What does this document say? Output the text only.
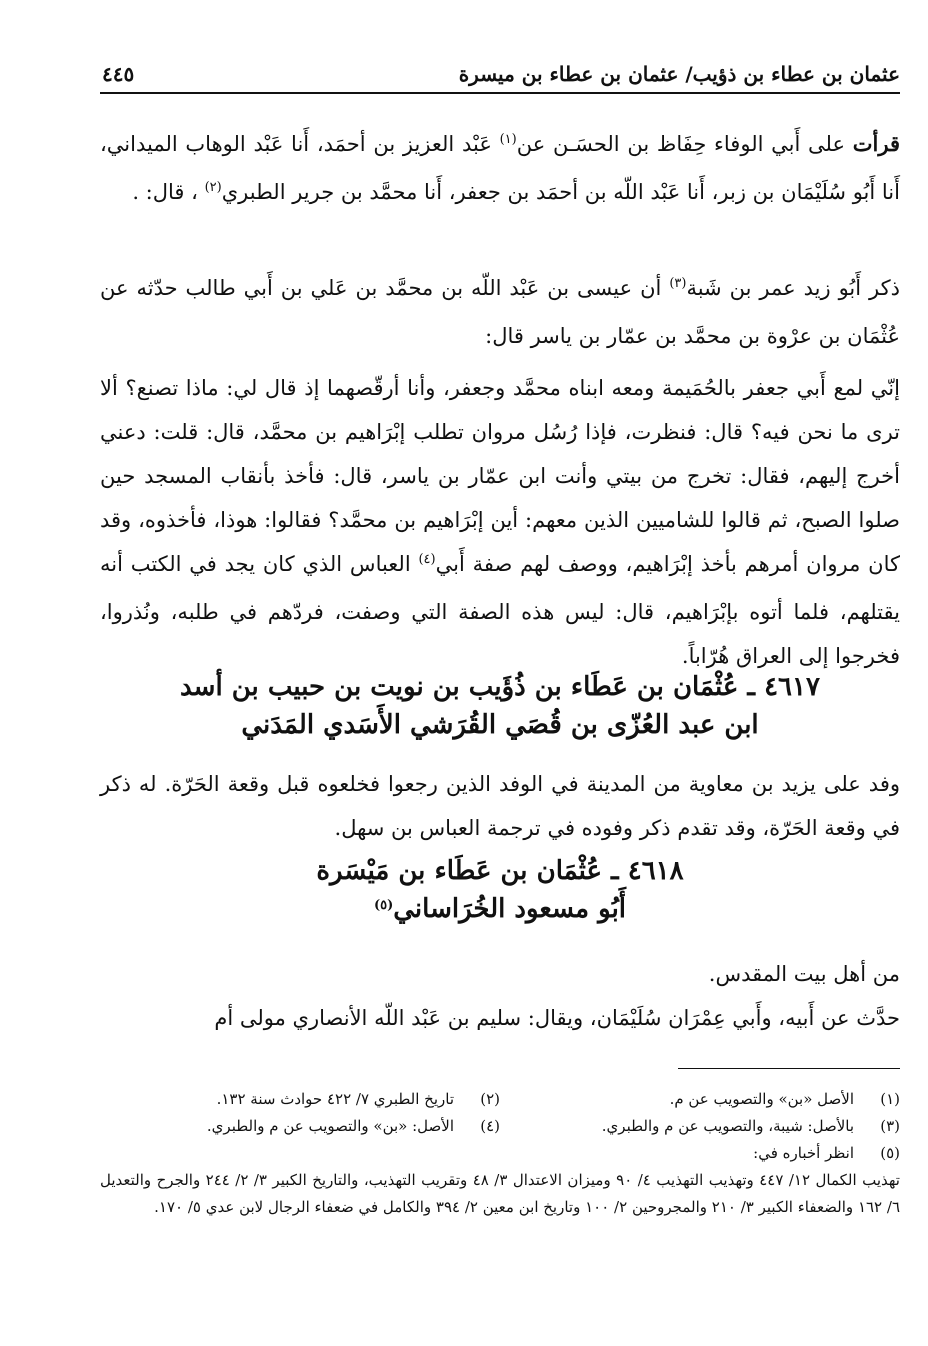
عثمان بن عطاء بن ذؤيب/ عثمان بن عطاء بن ميسرة
٤٤٥

قرأت على أَبي الوفاء حِفَاظ بن الحسَـن عن$^{(١)}$ عَبْد العزيز بن أحمَد، أَنا عَبْد الوهاب الميداني، أَنا أَبُو سُلَيْمَان بن زبر، أَنا عَبْد اللّه بن أحمَد بن جعفر، أَنا محمَّد بن جرير الطبري$^{(٢)}$ ، قال: .

ذكر أَبُو زيد عمر بن شَبة$^{(٣)}$ أن عيسى بن عَبْد اللّه بن محمَّد بن عَلي بن أَبي طالب حدّثه عن عُثْمَان بن عرْوة بن محمَّد بن عمّار بن ياسر قال:

إنّي لمع أَبي جعفر بالحُمَيمة ومعه ابناه محمَّد وجعفر، وأنا أرقّصهما إذ قال لي: ماذا تصنع؟ ألا ترى ما نحن فيه؟ قال: فنظرت، فإذا رُسُل مروان تطلب إبْرَاهيم بن محمَّد، قال: قلت: دعني أخرج إليهم، فقال: تخرج من بيتي وأنت ابن عمّار بن ياسر، قال: فأخذ بأنقاب المسجد حين صلوا الصبح، ثم قالوا للشاميين الذين معهم: أين إبْرَاهيم بن محمَّد؟ فقالوا: هوذا، فأخذوه، وقد كان مروان أمرهم بأخذ إبْرَاهيم، ووصف لهم صفة أَبي$^{(٤)}$ العباس الذي كان يجد في الكتب أنه يقتلهم، فلما أتوه بإبْرَاهيم، قال: ليس هذه الصفة التي وصفت، فردّهم في طلبه، ونُذروا، فخرجوا إلى العراق هُرّاباً.

٤٦١٧ ـ عُثْمَان بن عَطَاء بن ذُؤَيب بن نويت بن حبيب بن أسد
ابن عبد العُزّى بن قُصَي القُرَشي الأَسَدي المَدَني

وفد على يزيد بن معاوية من المدينة في الوفد الذين رجعوا فخلعوه قبل وقعة الحَرّة. له ذكر في وقعة الحَرّة، وقد تقدم ذكر وفوده في ترجمة العباس بن سهل.

٤٦١٨ ـ عُثْمَان بن عَطَاء بن مَيْسَرة
أَبُو مسعود الخُرَاساني$^{(٥)}$

من أهل بيت المقدس.

حدَّث عن أَبيه، وأَبي عِمْرَان سُلَيْمَان، ويقال: سليم بن عَبْد اللّه الأنصاري مولى أم

(١)
الأصل «بن» والتصويب عن م.
(٢)
تاريخ الطبري ٧/ ٤٢٢ حوادث سنة ١٣٢.
(٣)
بالأصل: شيبة، والتصويب عن م والطبري.
(٤)
الأصل: «بن» والتصويب عن م والطبري.
(٥)
انظر أخباره في:
تهذيب الكمال ١٢/ ٤٤٧ وتهذيب التهذيب ٤/ ٩٠ وميزان الاعتدال ٣/ ٤٨ وتقريب التهذيب، والتاريخ الكبير ٣/ ٢/ ٢٤٤ والجرح والتعديل ٦/ ١٦٢ والضعفاء الكبير ٣/ ٢١٠ والمجروحين ٢/ ١٠٠ وتاريخ ابن معين ٢/ ٣٩٤ والكامل في ضعفاء الرجال لابن عدي ٥/ ١٧٠.
